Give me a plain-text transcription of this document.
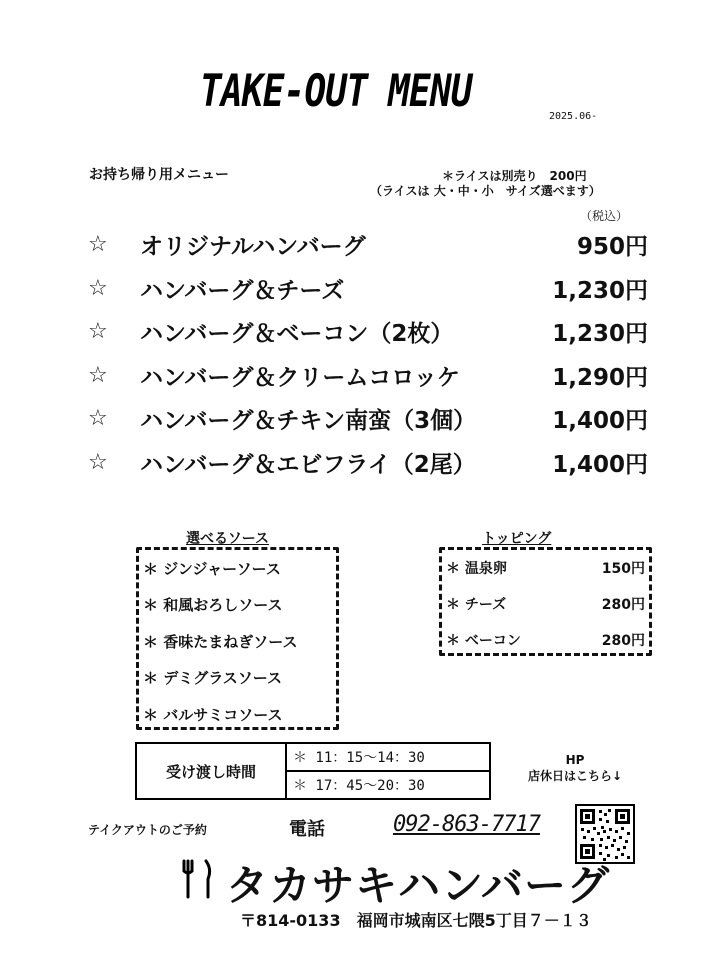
TAKE-OUT MENU	2025.06-
お持ち帰り用メニュー	＊ライスは別売り　200円
（ライスは 大・中・小　サイズ選べます）
（税込）
☆	オリジナルハンバーグ	950円
☆	ハンバーグ＆チーズ	1,230円
☆	ハンバーグ＆ベーコン（2枚）	1,230円
☆	ハンバーグ＆クリームコロッケ	1,290円
☆	ハンバーグ＆チキン南蛮（3個）	1,400円
☆	ハンバーグ＆エビフライ（2尾）	1,400円
選べるソース
＊ ジンジャーソース
＊ 和風おろしソース
＊ 香味たまねぎソース
＊ デミグラスソース
＊ バルサミコソース
トッピング
＊ 温泉卵	150円
＊ チーズ	280円
＊ ベーコン	280円
受け渡し時間
＊ 11：15〜14：30
＊ 17：45〜20：30
HP
店休日はこちら↓
テイクアウトのご予約	電話	092-863-7717
タカサキハンバーグ
〒814-0133　福岡市城南区七隈5丁目７－１３
